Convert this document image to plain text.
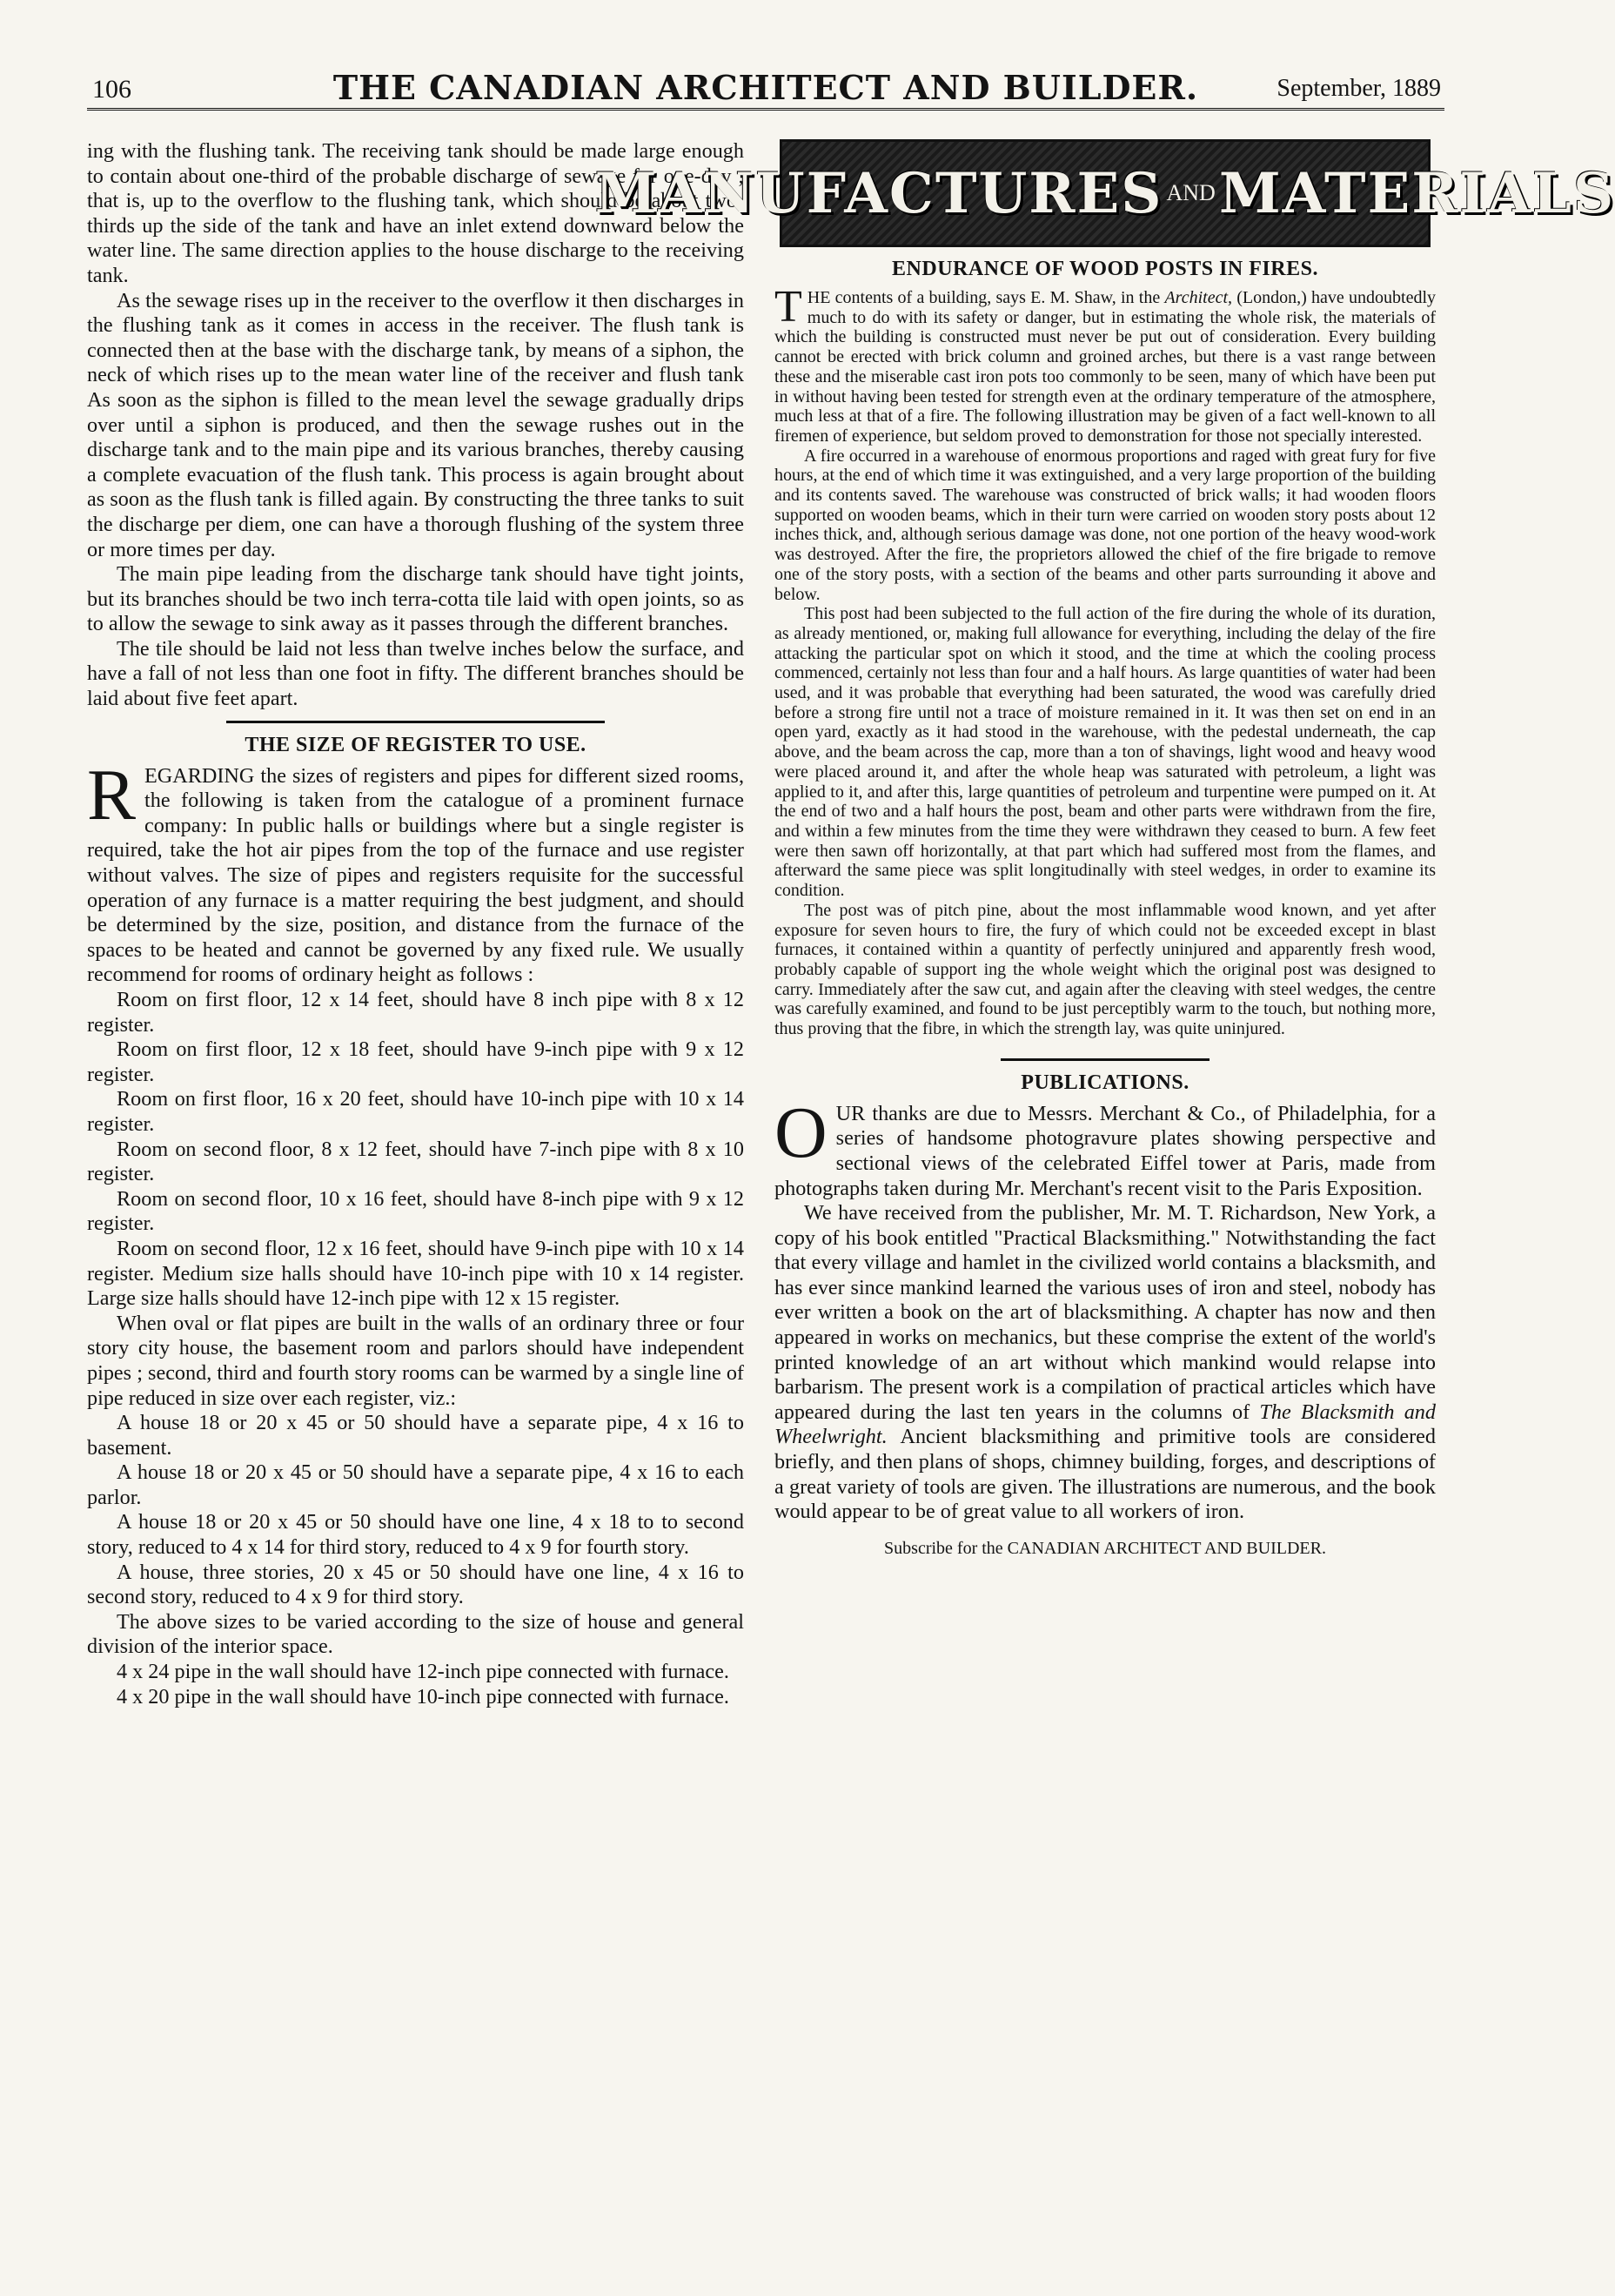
106	THE CANADIAN ARCHITECT AND BUILDER.	September, 1889

ing with the flushing tank. The receiving tank should be made large enough to contain about one-third of the probable discharge of sewage for one-day ; that is, up to the overflow to the flushing tank, which should be about two-thirds up the side of the tank and have an inlet extend downward below the water line. The same direction applies to the house discharge to the receiving tank.

As the sewage rises up in the receiver to the overflow it then discharges in the flushing tank as it comes in access in the receiver. The flush tank is connected then at the base with the discharge tank, by means of a siphon, the neck of which rises up to the mean water line of the receiver and flush tank As soon as the siphon is filled to the mean level the sewage gradually drips over until a siphon is produced, and then the sewage rushes out in the discharge tank and to the main pipe and its various branches, thereby causing a complete evacuation of the flush tank. This process is again brought about as soon as the flush tank is filled again. By constructing the three tanks to suit the discharge per diem, one can have a thorough flushing of the system three or more times per day.

The main pipe leading from the discharge tank should have tight joints, but its branches should be two inch terra-cotta tile laid with open joints, so as to allow the sewage to sink away as it passes through the different branches.

The tile should be laid not less than twelve inches below the surface, and have a fall of not less than one foot in fifty. The different branches should be laid about five feet apart.

THE SIZE OF REGISTER TO USE.

REGARDING the sizes of registers and pipes for different sized rooms, the following is taken from the catalogue of a prominent furnace company: In public halls or buildings where but a single register is required, take the hot air pipes from the top of the furnace and use register without valves. The size of pipes and registers requisite for the successful operation of any furnace is a matter requiring the best judgment, and should be determined by the size, position, and distance from the furnace of the spaces to be heated and cannot be governed by any fixed rule. We usually recommend for rooms of ordinary height as follows :

Room on first floor, 12 x 14 feet, should have 8 inch pipe with 8 x 12 register.

Room on first floor, 12 x 18 feet, should have 9-inch pipe with 9 x 12 register.

Room on first floor, 16 x 20 feet, should have 10-inch pipe with 10 x 14 register.

Room on second floor, 8 x 12 feet, should have 7-inch pipe with 8 x 10 register.

Room on second floor, 10 x 16 feet, should have 8-inch pipe with 9 x 12 register.

Room on second floor, 12 x 16 feet, should have 9-inch pipe with 10 x 14 register. Medium size halls should have 10-inch pipe with 10 x 14 register. Large size halls should have 12-inch pipe with 12 x 15 register.

When oval or flat pipes are built in the walls of an ordinary three or four story city house, the basement room and parlors should have independent pipes ; second, third and fourth story rooms can be warmed by a single line of pipe reduced in size over each register, viz.:

A house 18 or 20 x 45 or 50 should have a separate pipe, 4 x 16 to basement.

A house 18 or 20 x 45 or 50 should have a separate pipe, 4 x 16 to each parlor.

A house 18 or 20 x 45 or 50 should have one line, 4 x 18 to to second story, reduced to 4 x 14 for third story, reduced to 4 x 9 for fourth story.

A house, three stories, 20 x 45 or 50 should have one line, 4 x 16 to second story, reduced to 4 x 9 for third story.

The above sizes to be varied according to the size of house and general division of the interior space.

4 x 24 pipe in the wall should have 12-inch pipe connected with furnace.

4 x 20 pipe in the wall should have 10-inch pipe connected with furnace.

MANUFACTURES AND MATERIALS
ENDURANCE OF WOOD POSTS IN FIRES.

THE contents of a building, says E. M. Shaw, in the Architect, (London,) have undoubtedly much to do with its safety or danger, but in estimating the whole risk, the materials of which the building is constructed must never be put out of consideration. Every building cannot be erected with brick column and groined arches, but there is a vast range between these and the miserable cast iron pots too commonly to be seen, many of which have been put in without having been tested for strength even at the ordinary temperature of the atmosphere, much less at that of a fire. The following illustration may be given of a fact well-known to all firemen of experience, but seldom proved to demonstration for those not specially interested.

A fire occurred in a warehouse of enormous proportions and raged with great fury for five hours, at the end of which time it was extinguished, and a very large proportion of the building and its contents saved. The warehouse was constructed of brick walls; it had wooden floors supported on wooden beams, which in their turn were carried on wooden story posts about 12 inches thick, and, although serious damage was done, not one portion of the heavy wood-work was destroyed. After the fire, the proprietors allowed the chief of the fire brigade to remove one of the story posts, with a section of the beams and other parts surrounding it above and below.

This post had been subjected to the full action of the fire during the whole of its duration, as already mentioned, or, making full allowance for everything, including the delay of the fire attacking the particular spot on which it stood, and the time at which the cooling process commenced, certainly not less than four and a half hours. As large quantities of water had been used, and it was probable that everything had been saturated, the wood was carefully dried before a strong fire until not a trace of moisture remained in it. It was then set on end in an open yard, exactly as it had stood in the warehouse, with the pedestal underneath, the cap above, and the beam across the cap, more than a ton of shavings, light wood and heavy wood were placed around it, and after the whole heap was saturated with petroleum, a light was applied to it, and after this, large quantities of petroleum and turpentine were pumped on it. At the end of two and a half hours the post, beam and other parts were withdrawn from the fire, and within a few minutes from the time they were withdrawn they ceased to burn. A few feet were then sawn off horizontally, at that part which had suffered most from the flames, and afterward the same piece was split longitudinally with steel wedges, in order to examine its condition.

The post was of pitch pine, about the most inflammable wood known, and yet after exposure for seven hours to fire, the fury of which could not be exceeded except in blast furnaces, it contained within a quantity of perfectly uninjured and apparently fresh wood, probably capable of support ing the whole weight which the original post was designed to carry. Immediately after the saw cut, and again after the cleaving with steel wedges, the centre was carefully examined, and found to be just perceptibly warm to the touch, but nothing more, thus proving that the fibre, in which the strength lay, was quite uninjured.

PUBLICATIONS.

OUR thanks are due to Messrs. Merchant & Co., of Philadelphia, for a series of handsome photogravure plates showing perspective and sectional views of the celebrated Eiffel tower at Paris, made from photographs taken during Mr. Merchant's recent visit to the Paris Exposition.

We have received from the publisher, Mr. M. T. Richardson, New York, a copy of his book entitled "Practical Blacksmithing." Notwithstanding the fact that every village and hamlet in the civilized world contains a blacksmith, and has ever since mankind learned the various uses of iron and steel, nobody has ever written a book on the art of blacksmithing. A chapter has now and then appeared in works on mechanics, but these comprise the extent of the world's printed knowledge of an art without which mankind would relapse into barbarism. The present work is a compilation of practical articles which have appeared during the last ten years in the columns of The Blacksmith and Wheelwright. Ancient blacksmithing and primitive tools are considered briefly, and then plans of shops, chimney building, forges, and descriptions of a great variety of tools are given. The illustrations are numerous, and the book would appear to be of great value to all workers of iron.

Subscribe for the CANADIAN ARCHITECT AND BUILDER.
